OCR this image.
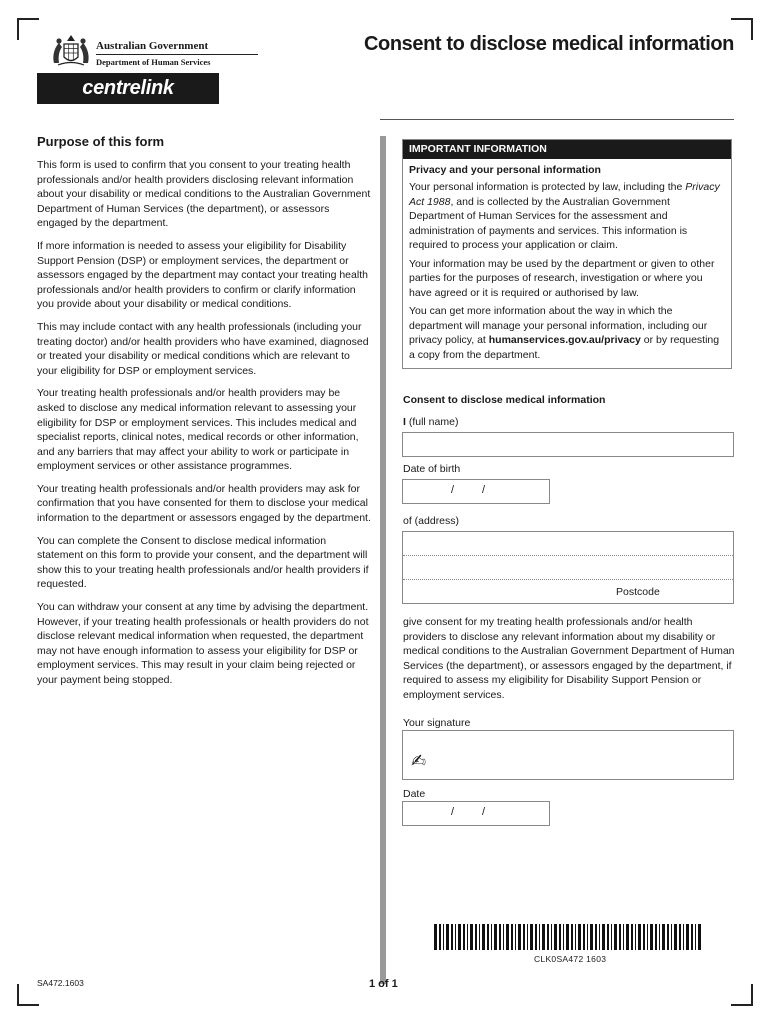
Australian Government
Department of Human Services
centrelink
Consent to disclose medical information
Purpose of this form

This form is used to confirm that you consent to your treating health professionals and/or health providers disclosing relevant information about your disability or medical conditions to the Australian Government Department of Human Services (the department), or assessors engaged by the department.

If more information is needed to assess your eligibility for Disability Support Pension (DSP) or employment services, the department or assessors engaged by the department may contact your treating health professionals and/or health providers to confirm or clarify information you provide about your disability or medical conditions.

This may include contact with any health professionals (including your treating doctor) and/or health providers who have examined, diagnosed or treated your disability or medical conditions which are relevant to your eligibility for DSP or employment services.

Your treating health professionals and/or health providers may be asked to disclose any medical information relevant to assessing your eligibility for DSP or employment services. This includes medical and specialist reports, clinical notes, medical records or other information, and any barriers that may affect your ability to work or participate in employment services or other assistance programmes.

Your treating health professionals and/or health providers may ask for confirmation that you have consented for them to disclose your medical information to the department or assessors engaged by the department.

You can complete the Consent to disclose medical information statement on this form to provide your consent, and the department will show this to your treating health professionals and/or health providers if requested.

You can withdraw your consent at any time by advising the department. However, if your treating health professionals or health providers do not disclose relevant medical information when requested, the department may not have enough information to assess your eligibility for DSP or employment services. This may result in your claim being rejected or your payment being stopped.

IMPORTANT INFORMATION
Privacy and your personal information

Your personal information is protected by law, including the Privacy Act 1988, and is collected by the Australian Government Department of Human Services for the assessment and administration of payments and services. This information is required to process your application or claim.

Your information may be used by the department or given to other parties for the purposes of research, investigation or where you have agreed or it is required or authorised by law.

You can get more information about the way in which the department will manage your personal information, including our privacy policy, at humanservices.gov.au/privacy or by requesting a copy from the department.

Consent to disclose medical information
I (full name)
Date of birth
/	/
of (address)
Postcode

give consent for my treating health professionals and/or health providers to disclose any relevant information about my disability or medical conditions to the Australian Government Department of Human Services (the department), or assessors engaged by the department, if required to assess my eligibility for Disability Support Pension or employment services.

Your signature
✍
Date
/	/
CLK0SA472 1603
SA472.1603	1 of 1
